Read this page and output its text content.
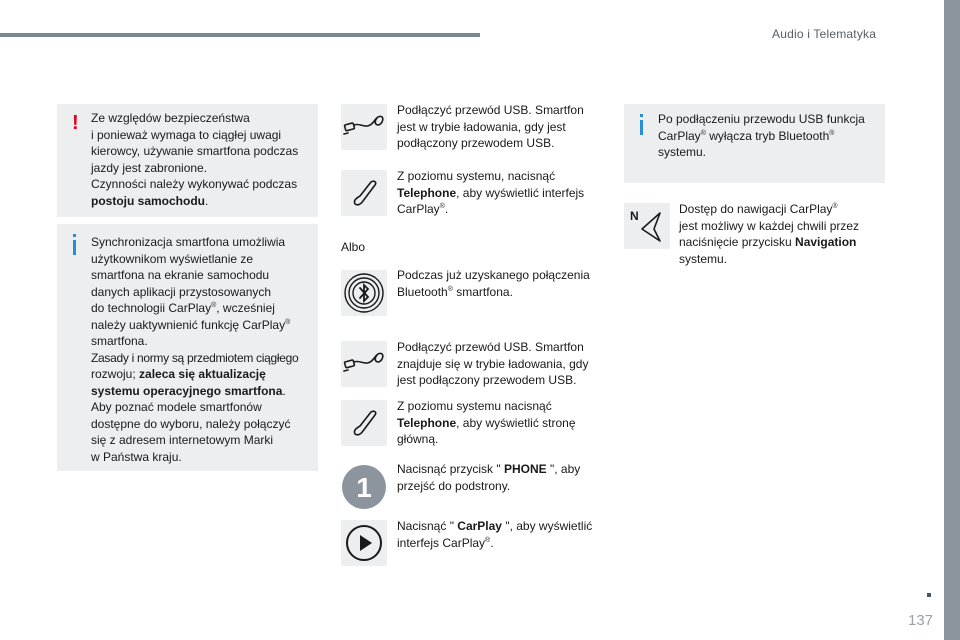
Audio i Telematyka
137
! Ze względów bezpieczeństwa
i ponieważ wymaga to ciągłej uwagi
kierowcy, używanie smartfona podczas
jazdy jest zabronione.
Czynności należy wykonywać podczas
postoju samochodu.
Synchronizacja smartfona umożliwia
użytkownikom wyświetlanie ze
smartfona na ekranie samochodu
danych aplikacji przystosowanych
do technologii CarPlay®, wcześniej
należy uaktywnienić funkcję CarPlay®
smartfona.
Zasady i normy są przedmiotem ciągłego
rozwoju; zaleca się aktualizację
systemu operacyjnego smartfona.
Aby poznać modele smartfonów
dostępne do wyboru, należy połączyć
się z adresem internetowym Marki
w Państwa kraju.
Albo
1
Podłączyć przewód USB. Smartfon
jest w trybie ładowania, gdy jest
podłączony przewodem USB.
Z poziomu systemu, nacisnąć
Telephone, aby wyświetlić interfejs
CarPlay®.
Podczas już uzyskanego połączenia
Bluetooth® smartfona.
Podłączyć przewód USB. Smartfon
znajduje się w trybie ładowania, gdy
jest podłączony przewodem USB.
Z poziomu systemu nacisnąć
Telephone, aby wyświetlić stronę
główną.
Nacisnąć przycisk " PHONE ", aby
przejść do podstrony.
Nacisnąć " CarPlay ", aby wyświetlić
interfejs CarPlay®.
Po podłączeniu przewodu USB funkcja
CarPlay® wyłącza tryb Bluetooth®
systemu.
N	Dostęp do nawigacji CarPlay®
jest możliwy w każdej chwili przez
naciśnięcie przycisku Navigation
systemu.
